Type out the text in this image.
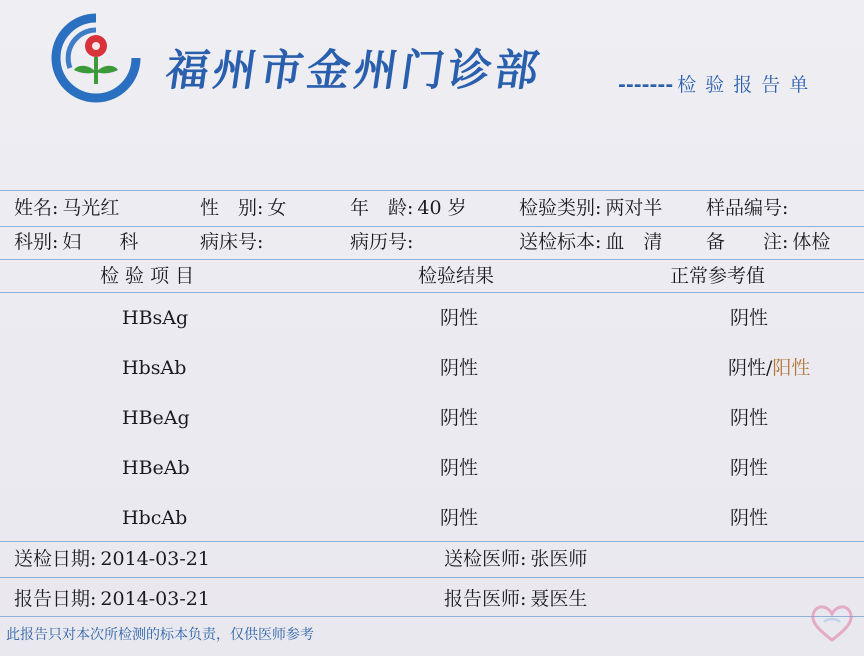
福州市金州门诊部	------- 检验报告单
姓名: 马光红	性　别: 女	年　龄: 40 岁	检验类别: 两对半 样品编号:
科别: 妇　　科	病床号:	病历号:	送检标本: 血　清 备　　注: 体检
检 验 项 目	检验结果	正常参考值
HBsAg	阴性	阴性
HbsAb	阴性	阴性/阳性
HBeAg	阴性	阴性
HBeAb	阴性	阴性
HbcAb	阴性	阴性
送检日期: 2014-03-21	送检医师: 张医师
报告日期: 2014-03-21	报告医师: 聂医生
此报告只对本次所检测的标本负责，仅供医师参考
